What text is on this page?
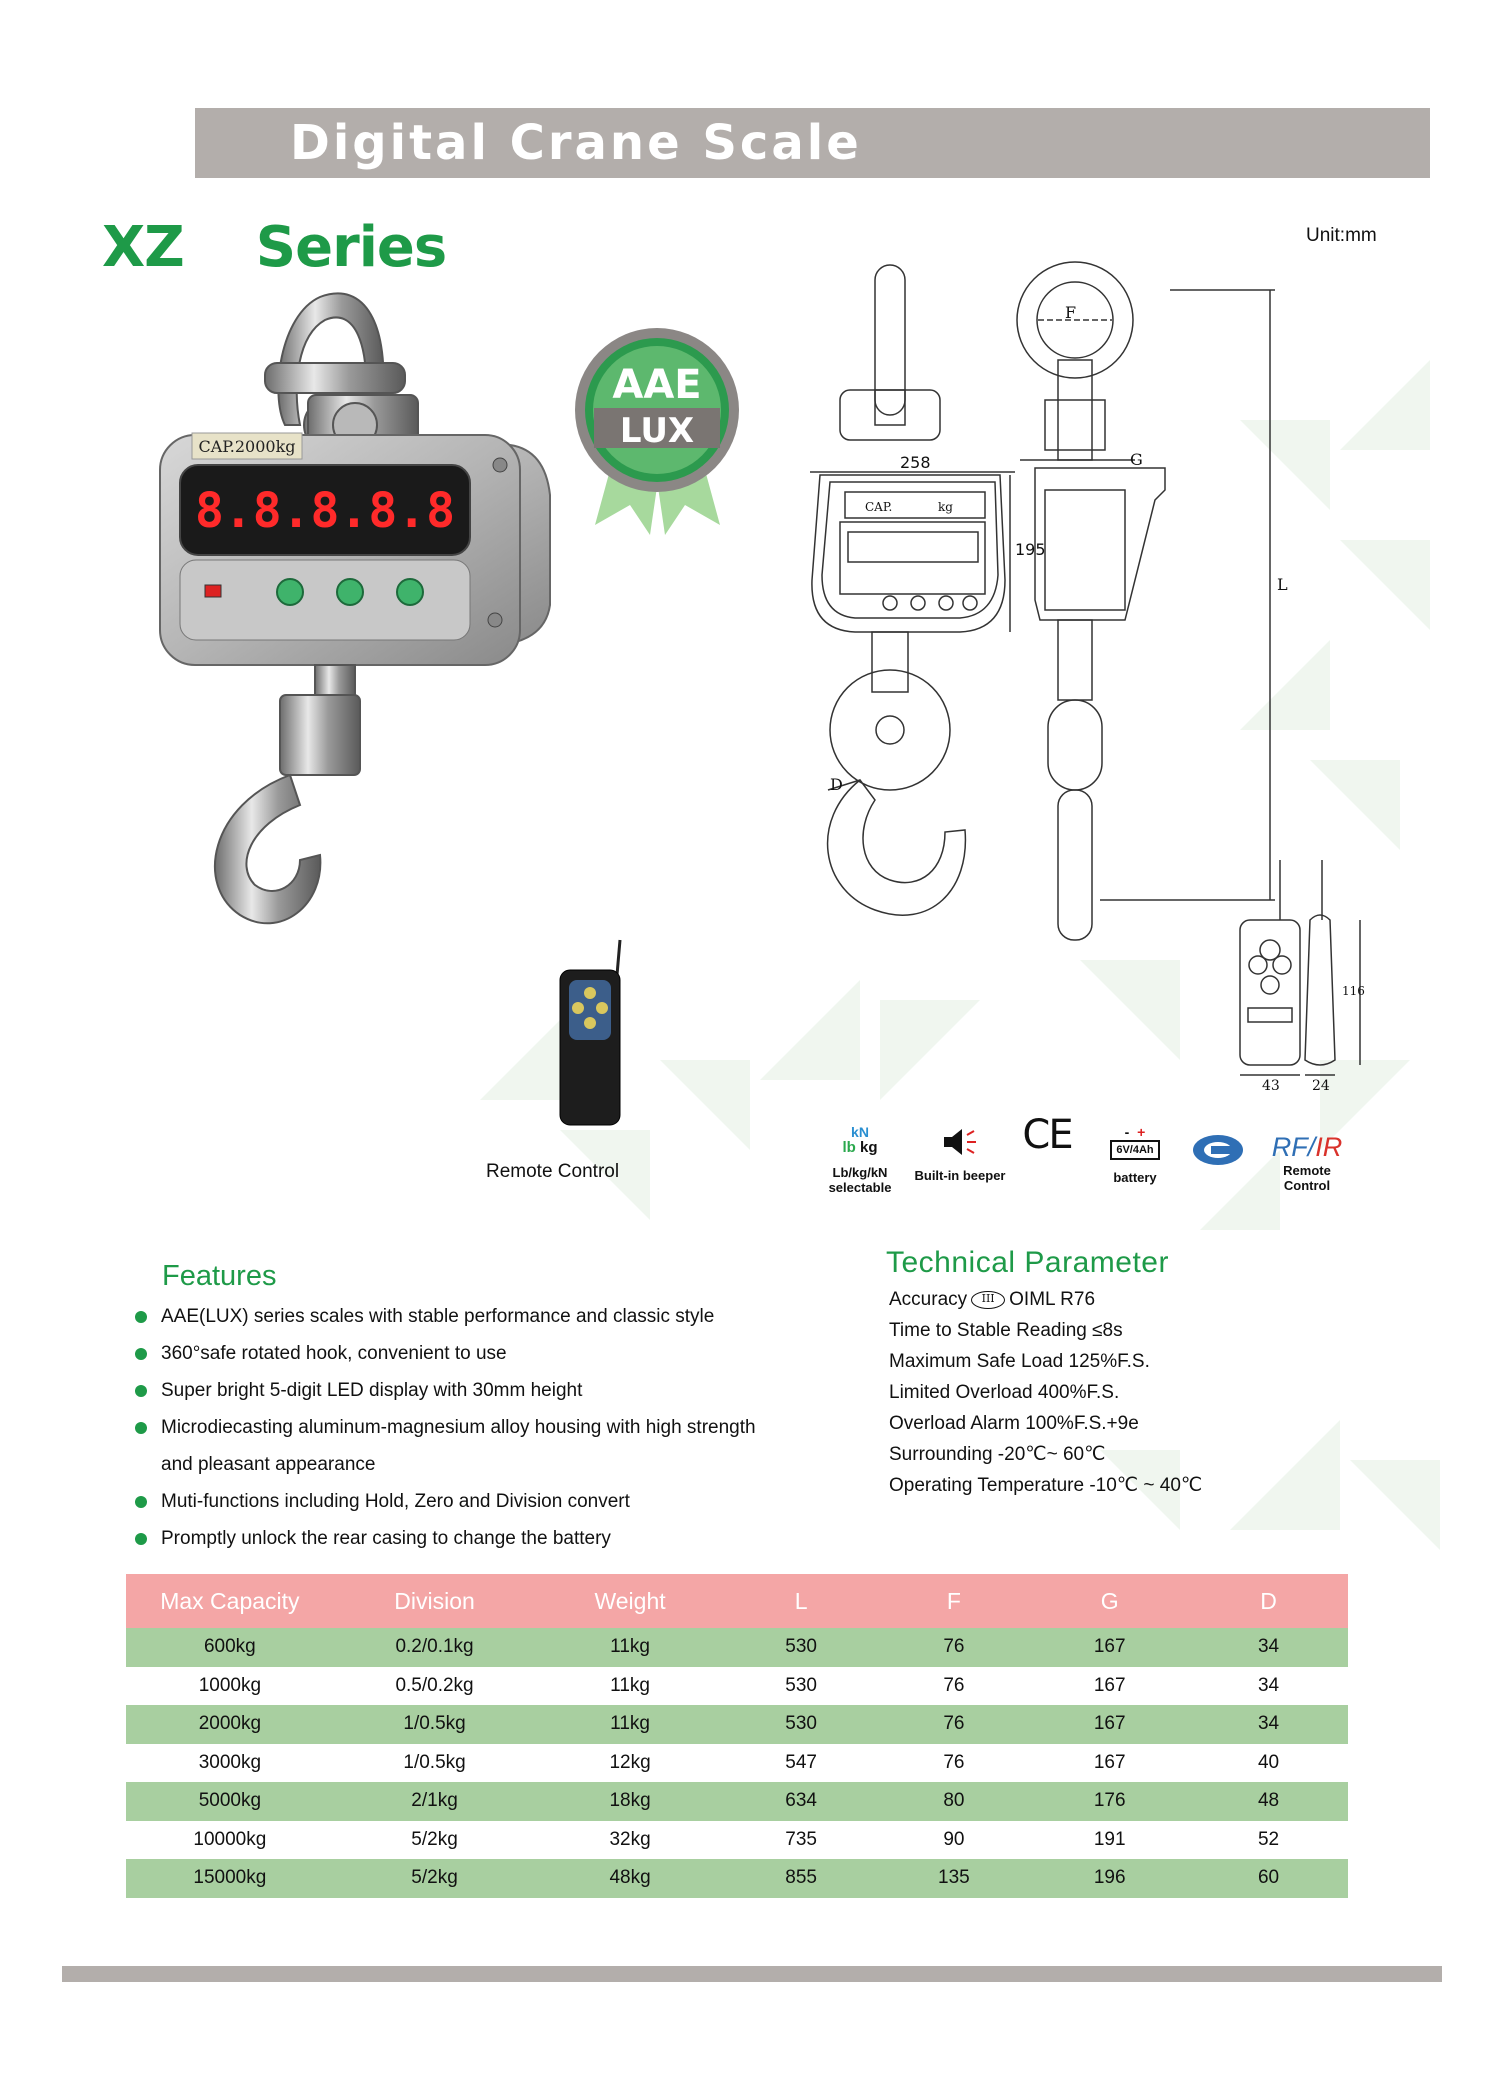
Digital Crane Scale
XZ Series	Unit:mm
CAP.2000kg
8.8.8.8.8
Remote Control
AAE
LUX
CAP.	kg
258
195
D
F
G
L
116
43 24
kN
lb kg
Lb/kg/kN
selectable
Built-in beeper
CE	- +
6V/4Ah
battery
RF/IR
Remote
Control
Features
AAE(LUX) series scales with stable performance and classic style
360°safe rotated hook, convenient to use
Super bright 5-digit LED display with 30mm height
Microdiecasting aluminum-magnesium alloy housing with high strength and pleasant appearance
Muti-functions including Hold, Zero and Division convert
Promptly unlock the rear casing to change the battery
Technical Parameter
Accuracy III OIML R76
Time to Stable Reading ≤8s
Maximum Safe Load 125%F.S.
Limited Overload 400%F.S.
Overload Alarm 100%F.S.+9e
Surrounding -20℃~ 60℃
Operating Temperature -10℃ ~ 40℃
Max Capacity	Division	Weight	L	F	G	D
600kg	0.2/0.1kg	11kg	530	76	167	34
1000kg	0.5/0.2kg	11kg	530	76	167	34
2000kg	1/0.5kg	11kg	530	76	167	34
3000kg	1/0.5kg	12kg	547	76	167	40
5000kg	2/1kg	18kg	634	80	176	48
10000kg	5/2kg	32kg	735	90	191	52
15000kg	5/2kg	48kg	855	135	196	60
